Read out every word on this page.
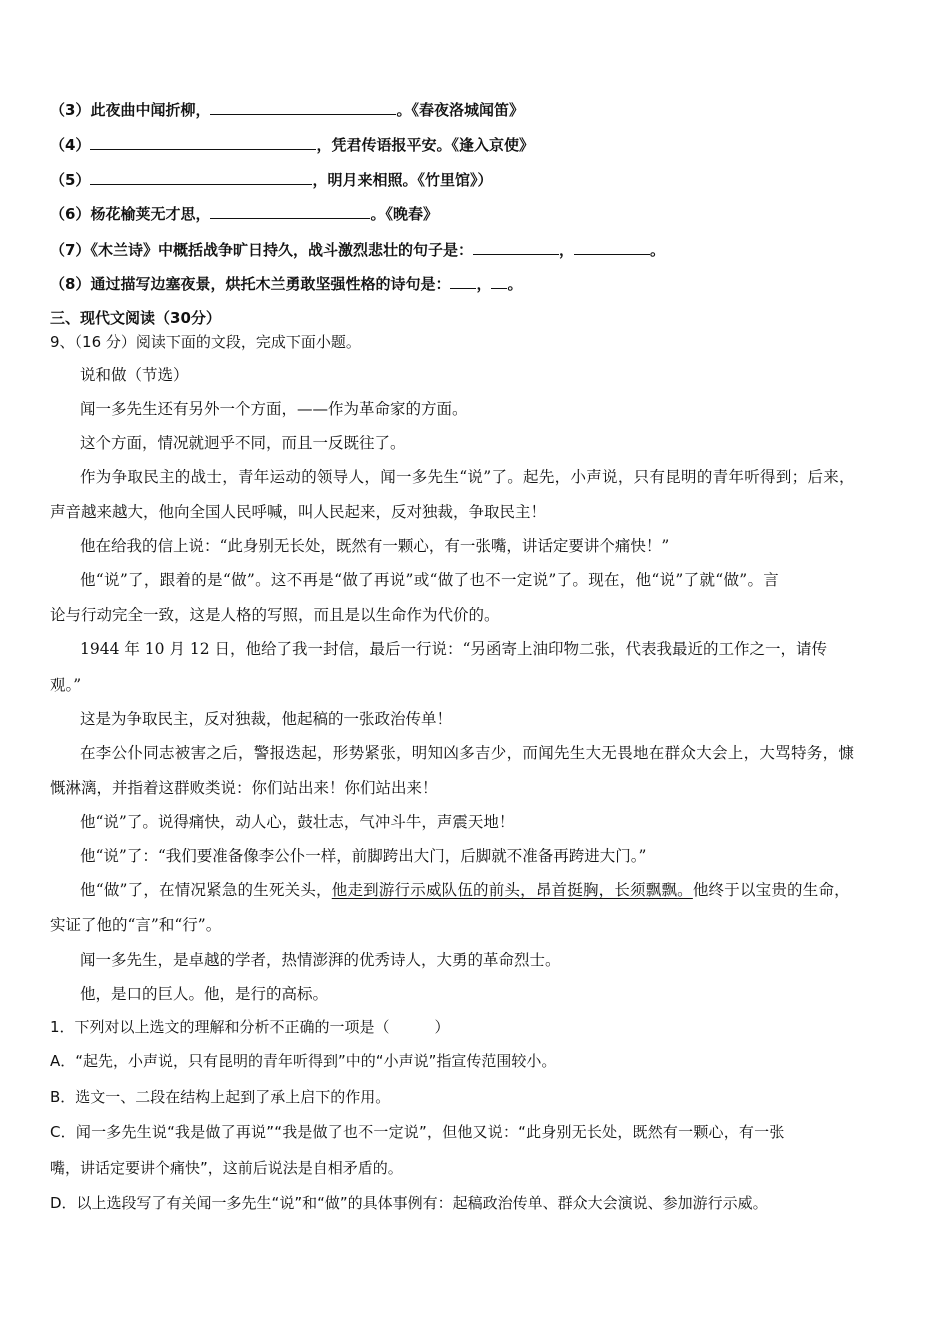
（3）此夜曲中闻折柳，	。《春夜洛城闻笛》
（4）	，凭君传语报平安。《逢入京使》
（5）	，明月来相照。《竹里馆》）
（6）杨花榆荚无才思，	。《晚春》
（7）《木兰诗》中概括战争旷日持久，战斗激烈悲壮的句子是：	，	。
（8）通过描写边塞夜景，烘托木兰勇敢坚强性格的诗句是： ， 。
三、现代文阅读（30分）
9、（16 分）阅读下面的文段，完成下面小题。
说和做（节选）
闻一多先生还有另外一个方面，——作为革命家的方面。
这个方面，情况就迥乎不同，而且一反既往了。
作为争取民主的战士，青年运动的领导人，闻一多先生“说”了。起先，小声说，只有昆明的青年听得到；后来，
声音越来越大，他向全国人民呼喊，叫人民起来，反对独裁，争取民主！
他在给我的信上说：“此身别无长处，既然有一颗心，有一张嘴，讲话定要讲个痛快！”
他“说”了，跟着的是“做”。这不再是“做了再说”或“做了也不一定说”了。现在，他“说”了就“做”。言
论与行动完全一致，这是人格的写照，而且是以生命作为代价的。
1944 年 10 月 12 日，他给了我一封信，最后一行说：“另函寄上油印物二张，代表我最近的工作之一，请传
观。”
这是为争取民主，反对独裁，他起稿的一张政治传单！
在李公仆同志被害之后，警报迭起，形势紧张，明知凶多吉少，而闻先生大无畏地在群众大会上，大骂特务，慷
慨淋漓，并指着这群败类说：你们站出来！你们站出来！
他“说”了。说得痛快，动人心，鼓壮志，气冲斗牛，声震天地！
他“说”了：“我们要准备像李公仆一样，前脚跨出大门，后脚就不准备再跨进大门。”
他“做”了，在情况紧急的生死关头，他走到游行示威队伍的前头，昂首挺胸，长须飘飘。他终于以宝贵的生命，
实证了他的“言”和“行”。
闻一多先生，是卓越的学者，热情澎湃的优秀诗人，大勇的革命烈士。
他，是口的巨人。他，是行的高标。
1．下列对以上选文的理解和分析不正确的一项是（　　　）
A．“起先，小声说，只有昆明的青年听得到”中的“小声说”指宣传范围较小。
B．选文一、二段在结构上起到了承上启下的作用。
C．闻一多先生说“我是做了再说”“我是做了也不一定说”，但他又说：“此身别无长处，既然有一颗心，有一张
嘴，讲话定要讲个痛快”，这前后说法是自相矛盾的。
D．以上选段写了有关闻一多先生“说”和“做”的具体事例有：起稿政治传单、群众大会演说、参加游行示威。
